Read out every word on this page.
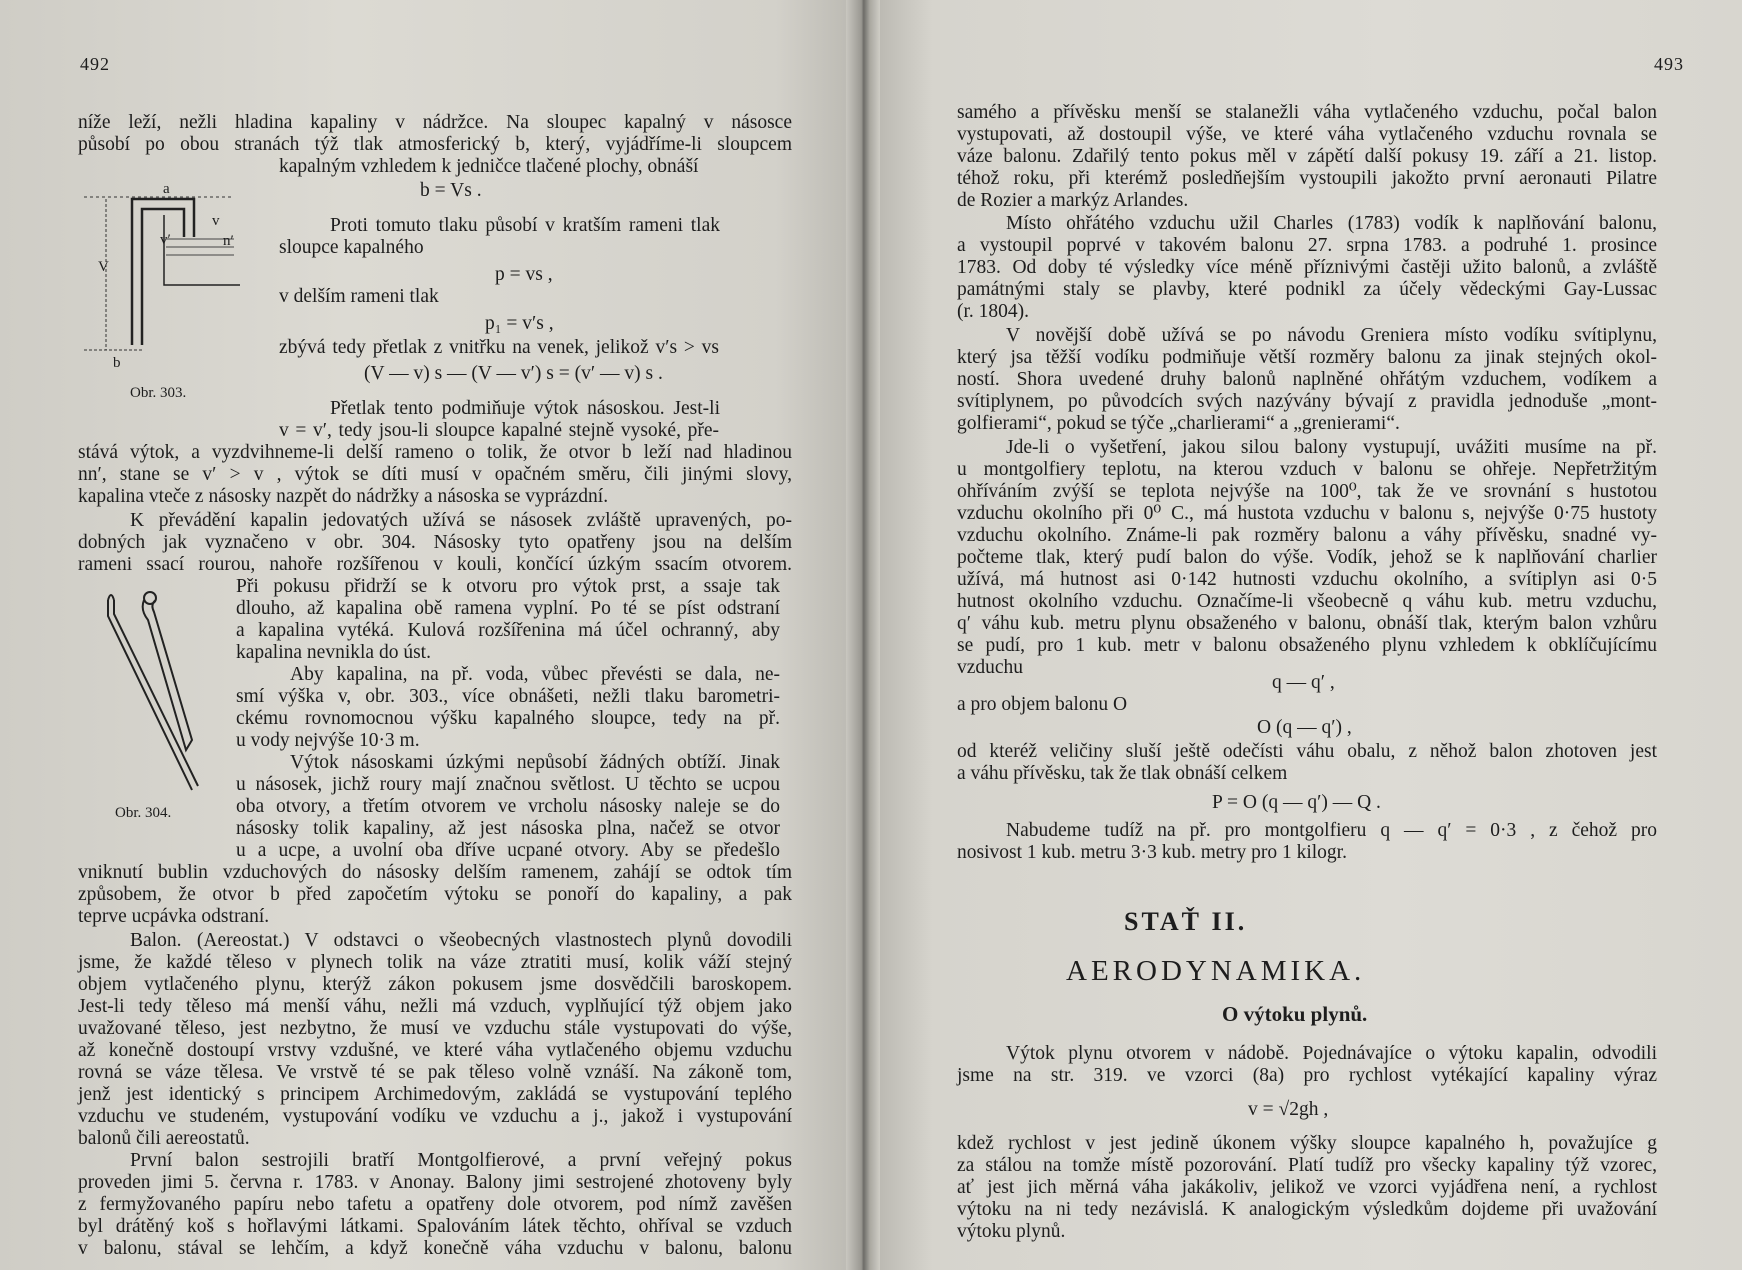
492	493
a
v
v′	n′
V
b
Obr. 303.
Obr. 304.
níže leží, nežli hladina kapaliny v nádržce. Na sloupec kapalný v násosce
působí po obou stranách týž tlak atmosferický b, který, vyjádříme-li sloupcem
kapalným vzhledem k jedničce tlačené plochy, obnáší
b = Vs .
Proti tomuto tlaku působí v kratším rameni tlak
sloupce kapalného
p = vs ,
v delším rameni tlak
p₁ = v′s ,
zbývá tedy přetlak z vnitřku na venek, jelikož v′s > vs
(V — v) s — (V — v′) s = (v′ — v) s .
Přetlak tento podmiňuje výtok násoskou. Jest-li
v = v′, tedy jsou-li sloupce kapalné stejně vysoké, pře-
stává výtok, a vyzdvihneme-li delší rameno o tolik, že otvor b leží nad hladinou
nn′, stane se v′ > v , výtok se díti musí v opačném směru, čili jinými slovy,
kapalina vteče z násosky nazpět do nádržky a násoska se vyprázdní.
K převádění kapalin jedovatých užívá se násosek zvláště upravených, po-
dobných jak vyznačeno v obr. 304. Násosky tyto opatřeny jsou na delším
rameni ssací rourou, nahoře rozšířenou v kouli, končící úzkým ssacím otvorem.
Při pokusu přidrží se k otvoru pro výtok prst, a ssaje tak
dlouho, až kapalina obě ramena vyplní. Po té se píst odstraní
a kapalina vytéká. Kulová rozšířenina má účel ochranný, aby
kapalina nevnikla do úst.
Aby kapalina, na př. voda, vůbec převésti se dala, ne-
smí výška v, obr. 303., více obnášeti, nežli tlaku barometri-
ckému rovnomocnou výšku kapalného sloupce, tedy na př.
u vody nejvýše 10·3 m.
Výtok násoskami úzkými nepůsobí žádných obtíží. Jinak
u násosek, jichž roury mají značnou světlost. U těchto se ucpou
oba otvory, a třetím otvorem ve vrcholu násosky naleje se do
násosky tolik kapaliny, až jest násoska plna, načež se otvor
u a ucpe, a uvolní oba dříve ucpané otvory. Aby se předešlo
vniknutí bublin vzduchových do násosky delším ramenem, zahájí se odtok tím
způsobem, že otvor b před započetím výtoku se ponoří do kapaliny, a pak
teprve ucpávka odstraní.
Balon. (Aereostat.) V odstavci o všeobecných vlastnostech plynů dovodili
jsme, že každé těleso v plynech tolik na váze ztratiti musí, kolik váží stejný
objem vytlačeného plynu, kterýž zákon pokusem jsme dosvědčili baroskopem.
Jest-li tedy těleso má menší váhu, nežli má vzduch, vyplňující týž objem jako
uvažované těleso, jest nezbytno, že musí ve vzduchu stále vystupovati do výše,
až konečně dostoupí vrstvy vzdušné, ve které váha vytlačeného objemu vzduchu
rovná se váze tělesa. Ve vrstvě té se pak těleso volně vznáší. Na zákoně tom,
jenž jest identický s principem Archimedovým, zakládá se vystupování teplého
vzduchu ve studeném, vystupování vodíku ve vzduchu a j., jakož i vystupování
balonů čili aereostatů.
První balon sestrojili bratří Montgolfierové, a první veřejný pokus
proveden jimi 5. června r. 1783. v Anonay. Balony jimi sestrojené zhotoveny byly
z fermyžovaného papíru nebo tafetu a opatřeny dole otvorem, pod nímž zavěšen
byl drátěný koš s hořlavými látkami. Spalováním látek těchto, ohříval se vzduch
v balonu, stával se lehčím, a když konečně váha vzduchu v balonu, balonu
samého a přívěsku menší se stalanežli váha vytlačeného vzduchu, počal balon
vystupovati, až dostoupil výše, ve které váha vytlačeného vzduchu rovnala se
váze balonu. Zdařilý tento pokus měl v zápětí další pokusy 19. září a 21. listop.
téhož roku, při kterémž posledňejším vystoupili jakožto první aeronauti Pilatre
de Rozier a markýz Arlandes.
Místo ohřátého vzduchu užil Charles (1783) vodík k naplňování balonu,
a vystoupil poprvé v takovém balonu 27. srpna 1783. a podruhé 1. prosince
1783. Od doby té výsledky více méně příznivými častěji užito balonů, a zvláště
památnými staly se plavby, které podnikl za účely vědeckými Gay-Lussac
(r. 1804).
V novější době užívá se po návodu Greniera místo vodíku svítiplynu,
který jsa těžší vodíku podmiňuje větší rozměry balonu za jinak stejných okol-
ností. Shora uvedené druhy balonů naplněné ohřátým vzduchem, vodíkem a
svítiplynem, po původcích svých nazývány bývají z pravidla jednoduše „mont-
golfierami“, pokud se týče „charlierami“ a „grenierami“.
Jde-li o vyšetření, jakou silou balony vystupují, uvážiti musíme na př.
u montgolfiery teplotu, na kterou vzduch v balonu se ohřeje. Nepřetržitým
ohříváním zvýší se teplota nejvýše na 100⁰, tak že ve srovnání s hustotou
vzduchu okolního při 0⁰ C., má hustota vzduchu v balonu s, nejvýše 0·75 hustoty
vzduchu okolního. Známe-li pak rozměry balonu a váhy přívěsku, snadné vy-
počteme tlak, který pudí balon do výše. Vodík, jehož se k naplňování charlier
užívá, má hutnost asi 0·142 hutnosti vzduchu okolního, a svítiplyn asi 0·5
hutnost okolního vzduchu. Označíme-li všeobecně q váhu kub. metru vzduchu,
q′ váhu kub. metru plynu obsaženého v balonu, obnáší tlak, kterým balon vzhůru
se pudí, pro 1 kub. metr v balonu obsaženého plynu vzhledem k obklíčujícímu
vzduchu
q — q′ ,
a pro objem balonu O
O (q — q′) ,
od kteréž veličiny sluší ještě odečísti váhu obalu, z něhož balon zhotoven jest
a váhu přívěsku, tak že tlak obnáší celkem
P = O (q — q′) — Q .
Nabudeme tudíž na př. pro montgolfieru q — q′ = 0·3 , z čehož pro
nosivost 1 kub. metru 3·3 kub. metry pro 1 kilogr.
Výtok plynu otvorem v nádobě. Pojednávajíce o výtoku kapalin, odvodili
jsme na str. 319. ve vzorci (8a) pro rychlost vytékající kapaliny výraz
v = √2gh ,
kdež rychlost v jest jedině úkonem výšky sloupce kapalného h, považujíce g
za stálou na tomže místě pozorování. Platí tudíž pro všecky kapaliny týž vzorec,
ať jest jich měrná váha jakákoliv, jelikož ve vzorci vyjádřena není, a rychlost
výtoku na ni tedy nezávislá. K analogickým výsledkům dojdeme při uvažování
výtoku plynů.
STAŤ II.
AERODYNAMIKA.
O výtoku plynů.
